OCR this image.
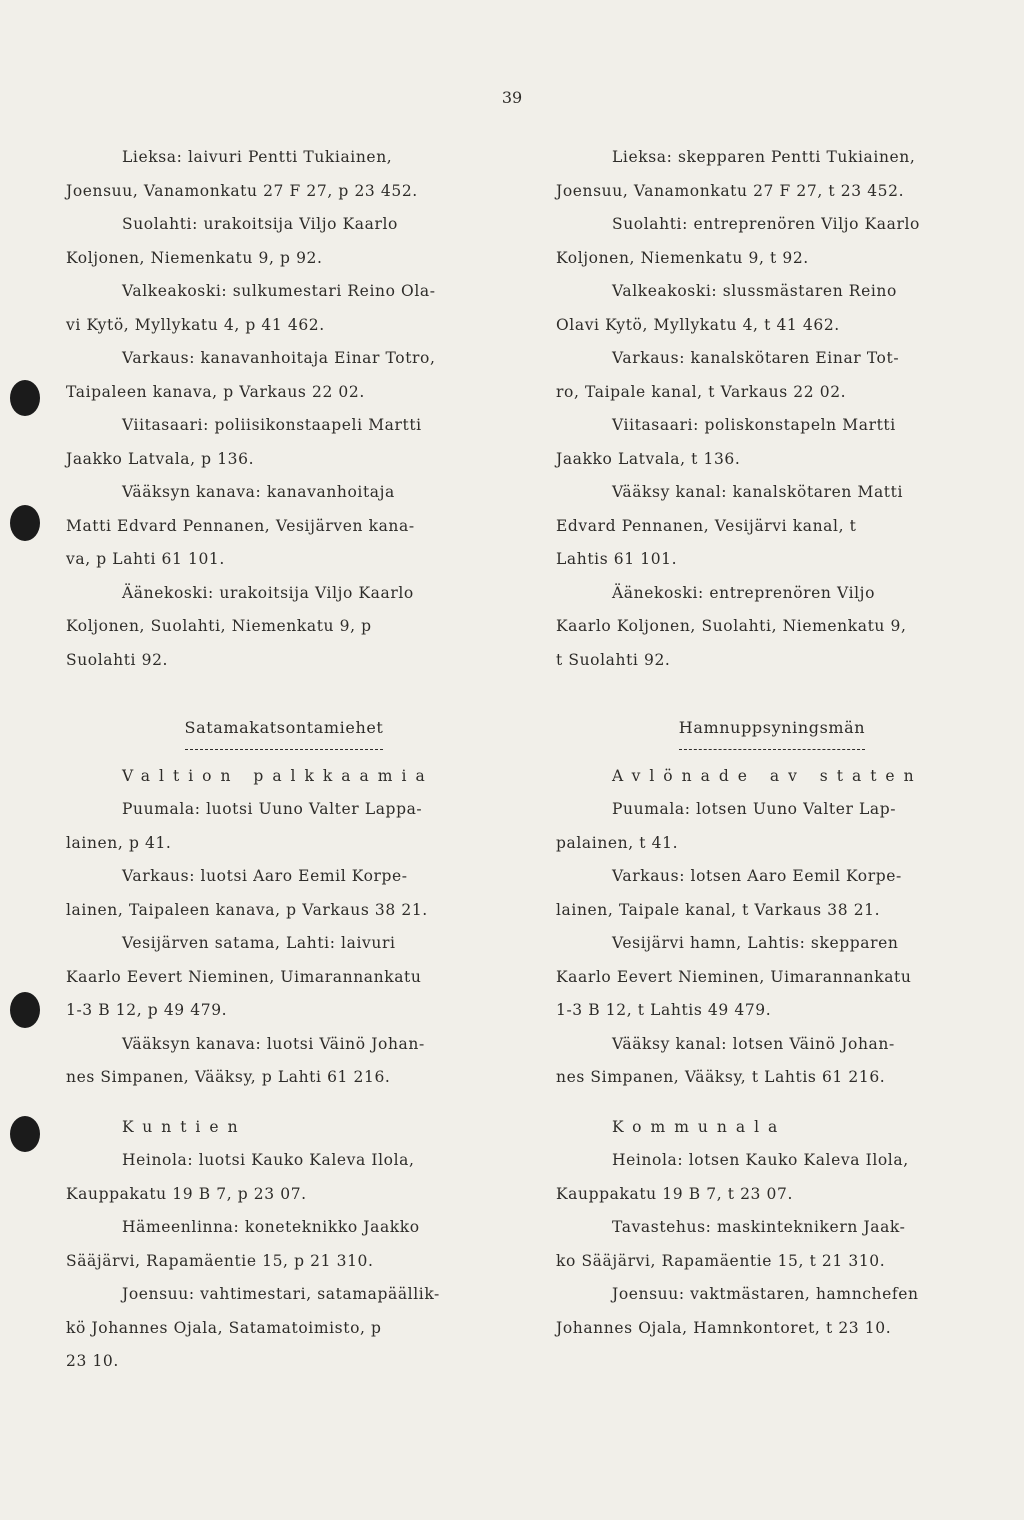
39
Lieksa: laivuri Pentti Tukiainen,
Joensuu, Vanamonkatu 27 F 27, p 23 452.
Suolahti: urakoitsija Viljo Kaarlo
Koljonen, Niemenkatu 9, p 92.
Valkeakoski: sulkumestari Reino Ola-
vi Kytö, Myllykatu 4, p 41 462.
Varkaus: kanavanhoitaja Einar Totro,
Taipaleen kanava, p Varkaus 22 02.
Viitasaari: poliisikonstaapeli Martti
Jaakko Latvala, p 136.
Vääksyn kanava: kanavanhoitaja
Matti Edvard Pennanen, Vesijärven kana-
va, p Lahti 61 101.
Äänekoski: urakoitsija Viljo Kaarlo
Koljonen, Suolahti, Niemenkatu 9, p
Suolahti 92.
Satamakatsontamiehet
Valtion palkkaamia
Puumala: luotsi Uuno Valter Lappa-
lainen, p 41.
Varkaus: luotsi Aaro Eemil Korpe-
lainen, Taipaleen kanava, p Varkaus 38 21.
Vesijärven satama, Lahti: laivuri
Kaarlo Eevert Nieminen, Uimarannankatu
1-3 B 12, p 49 479.
Vääksyn kanava: luotsi Väinö Johan-
nes Simpanen, Vääksy, p Lahti 61 216.
Kuntien
Heinola: luotsi Kauko Kaleva Ilola,
Kauppakatu 19 B 7, p 23 07.
Hämeenlinna: koneteknikko Jaakko
Sääjärvi, Rapamäentie 15, p 21 310.
Joensuu: vahtimestari, satamapäällik-
kö Johannes Ojala, Satamatoimisto, p
23 10.
Lieksa: skepparen Pentti Tukiainen,
Joensuu, Vanamonkatu 27 F 27, t 23 452.
Suolahti: entreprenören Viljo Kaarlo
Koljonen, Niemenkatu 9, t 92.
Valkeakoski: slussmästaren Reino
Olavi Kytö, Myllykatu 4, t 41 462.
Varkaus: kanalskötaren Einar Tot-
ro, Taipale kanal, t Varkaus 22 02.
Viitasaari: poliskonstapeln Martti
Jaakko Latvala, t 136.
Vääksy kanal: kanalskötaren Matti
Edvard Pennanen, Vesijärvi kanal, t
Lahtis 61 101.
Äänekoski: entreprenören Viljo
Kaarlo Koljonen, Suolahti, Niemenkatu 9,
t Suolahti 92.
Hamnuppsyningsmän
Avlönade av staten
Puumala: lotsen Uuno Valter Lap-
palainen, t 41.
Varkaus: lotsen Aaro Eemil Korpe-
lainen, Taipale kanal, t Varkaus 38 21.
Vesijärvi hamn, Lahtis: skepparen
Kaarlo Eevert Nieminen, Uimarannankatu
1-3 B 12, t Lahtis 49 479.
Vääksy kanal: lotsen Väinö Johan-
nes Simpanen, Vääksy, t Lahtis 61 216.
Kommunala
Heinola: lotsen Kauko Kaleva Ilola,
Kauppakatu 19 B 7, t 23 07.
Tavastehus: maskinteknikern Jaak-
ko Sääjärvi, Rapamäentie 15, t 21 310.
Joensuu: vaktmästaren, hamnchefen
Johannes Ojala, Hamnkontoret, t 23 10.
